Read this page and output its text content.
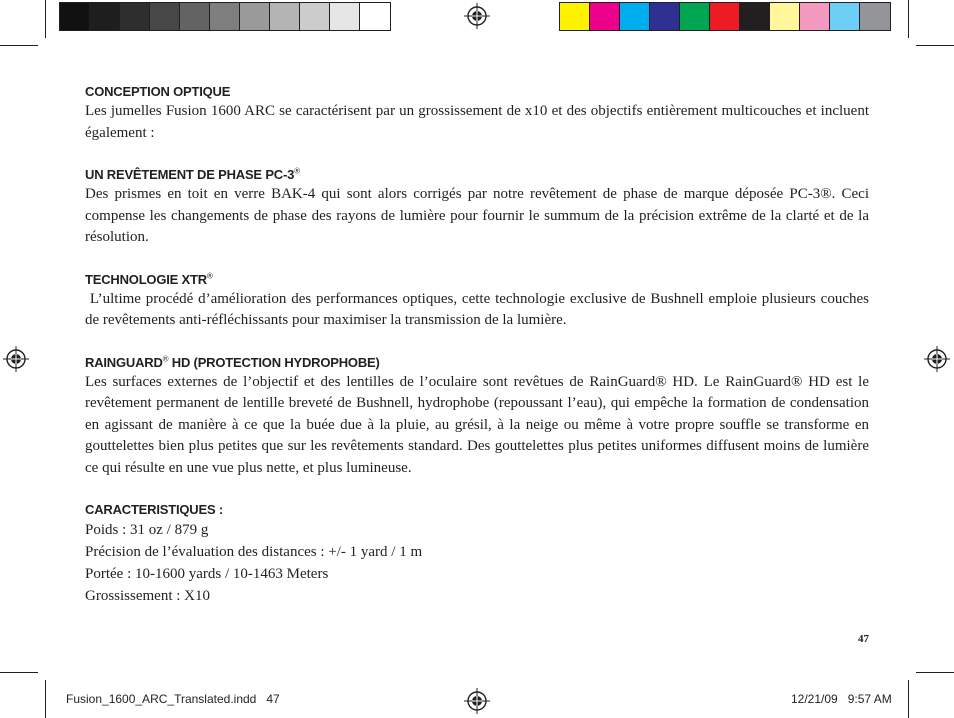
CONCEPTION OPTIQUE
Les jumelles Fusion 1600 ARC se caractérisent par un grossissement de x10 et des objectifs entièrement multicouches et incluent également :
UN REVÊTEMENT DE PHASE PC-3®
Des prismes en toit en verre BAK-4 qui sont alors corrigés par notre revêtement de phase de marque déposée PC-3®. Ceci compense les changements de phase des rayons de lumière pour fournir le summum de la précision extrême de la clarté et de la résolution.
TECHNOLOGIE XTR®
L’ultime procédé d’amélioration des performances optiques, cette technologie exclusive de Bushnell emploie plusieurs couches de revêtements anti-réfléchissants pour maximiser la transmission de la lumière.
RAINGUARD® HD (PROTECTION HYDROPHOBE)
Les surfaces externes de l’objectif et des lentilles de l’oculaire sont revêtues de RainGuard® HD. Le RainGuard® HD est le revêtement permanent de lentille breveté de Bushnell, hydrophobe (repoussant l’eau), qui empêche la formation de condensation en agissant de manière à ce que la buée due à la pluie, au grésil, à la neige ou même à votre propre souffle se transforme en gouttelettes bien plus petites que sur les revêtements standard. Des gouttelettes plus petites uniformes diffusent moins de lumière ce qui résulte en une vue plus nette, et plus lumineuse.
CARACTERISTIQUES :
Poids : 31 oz / 879 g
Précision de l’évaluation des distances : +/- 1 yard / 1 m
Portée : 10-1600 yards / 10-1463 Meters
Grossissement : X10
47
Fusion_1600_ARC_Translated.indd   47	12/21/09   9:57 AM
